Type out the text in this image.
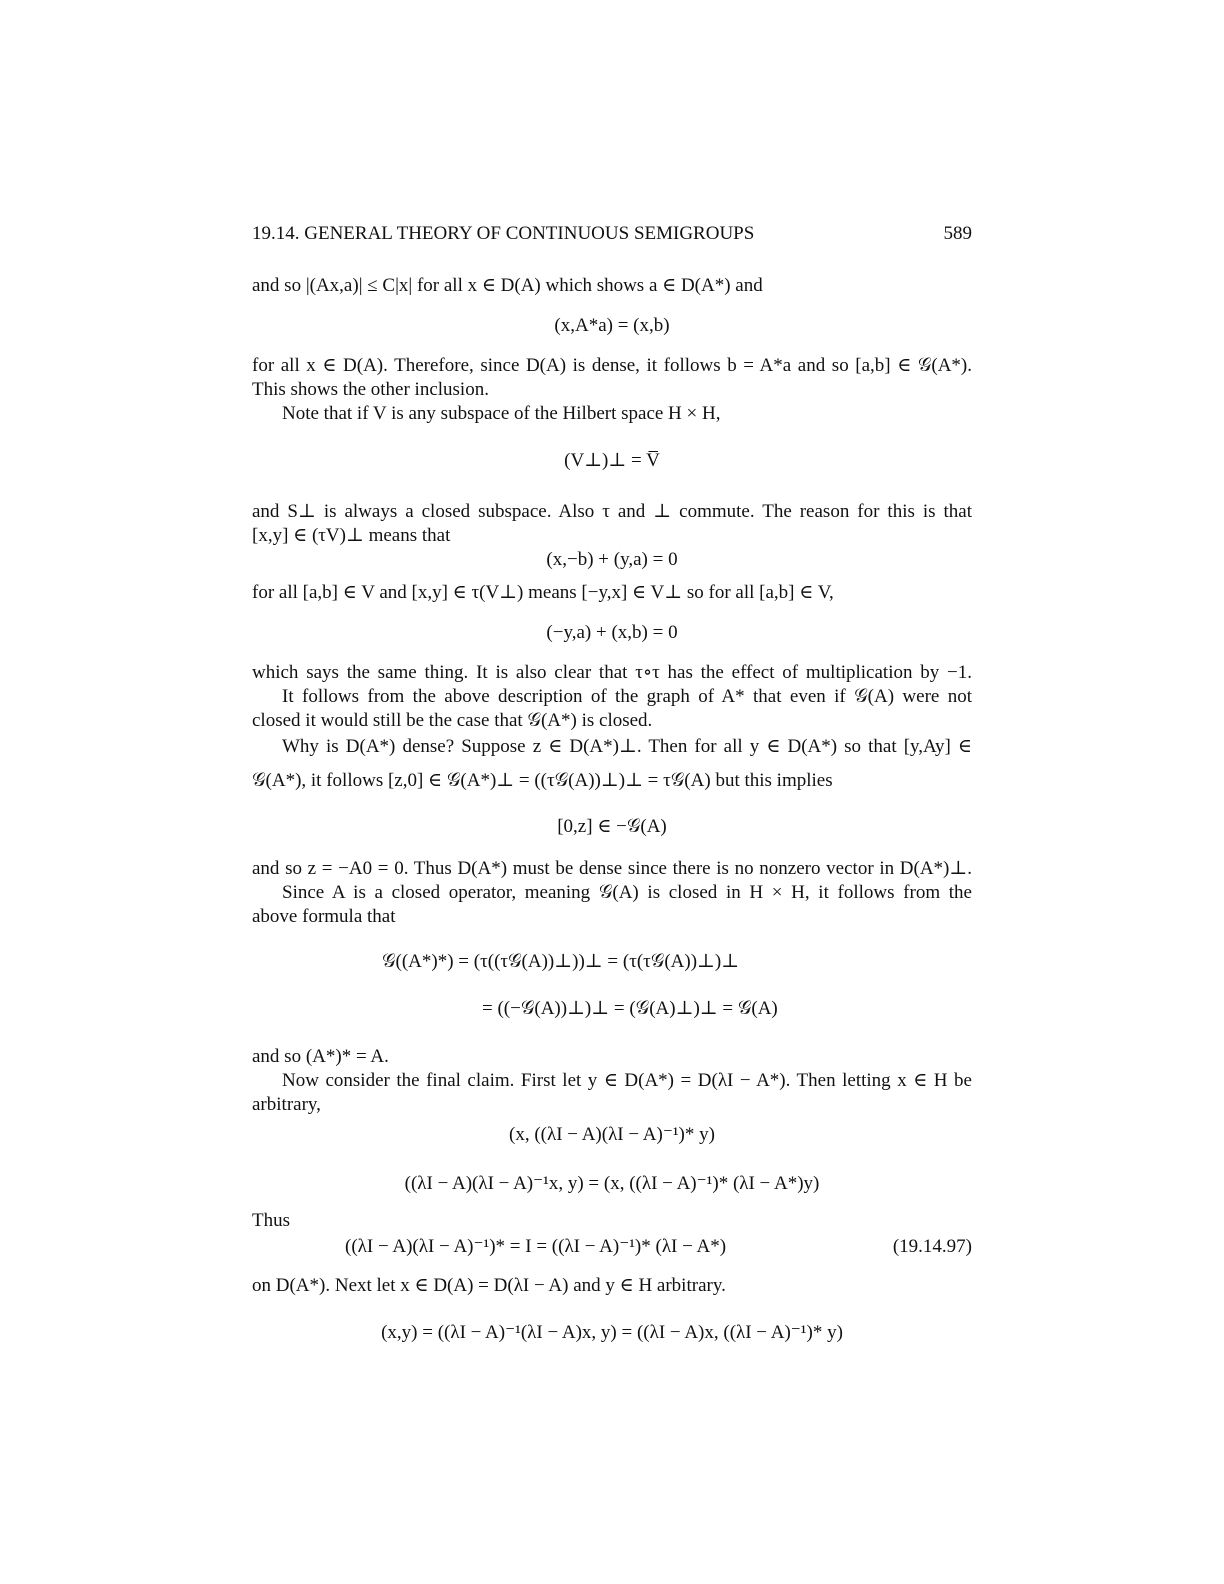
19.14. GENERAL THEORY OF CONTINUOUS SEMIGROUPS	589
and so |(Ax,a)| ≤ C|x| for all x ∈ D(A) which shows a ∈ D(A*) and
(x,A*a) = (x,b)
for all x ∈ D(A). Therefore, since D(A) is dense, it follows b = A*a and so [a,b] ∈ 𝒢(A*).
This shows the other inclusion.
Note that if V is any subspace of the Hilbert space H × H,
(V⊥)⊥ = V̅
and S⊥ is always a closed subspace. Also τ and ⊥ commute. The reason for this is that
[x,y] ∈ (τV)⊥ means that
(x,−b) + (y,a) = 0
for all [a,b] ∈ V and [x,y] ∈ τ(V⊥) means [−y,x] ∈ V⊥ so for all [a,b] ∈ V,
(−y,a) + (x,b) = 0
which says the same thing. It is also clear that τ∘τ has the effect of multiplication by −1.
It follows from the above description of the graph of A* that even if 𝒢(A) were not
closed it would still be the case that 𝒢(A*) is closed.
Why is D(A*) dense? Suppose z ∈ D(A*)⊥. Then for all y ∈ D(A*) so that [y,Ay] ∈
𝒢(A*), it follows [z,0] ∈ 𝒢(A*)⊥ = ((τ𝒢(A))⊥)⊥ = τ𝒢(A) but this implies
[0,z] ∈ −𝒢(A)
and so z = −A0 = 0. Thus D(A*) must be dense since there is no nonzero vector in D(A*)⊥.
Since A is a closed operator, meaning 𝒢(A) is closed in H × H, it follows from the
above formula that
𝒢((A*)*) = (τ((τ𝒢(A))⊥))⊥ = (τ(τ𝒢(A))⊥)⊥
= ((−𝒢(A))⊥)⊥ = (𝒢(A)⊥)⊥ = 𝒢(A)
and so (A*)* = A.
Now consider the final claim. First let y ∈ D(A*) = D(λI − A*). Then letting x ∈ H be
arbitrary,
(x, ((λI − A)(λI − A)⁻¹)* y)
((λI − A)(λI − A)⁻¹x, y) = (x, ((λI − A)⁻¹)* (λI − A*)y)
Thus
((λI − A)(λI − A)⁻¹)* = I = ((λI − A)⁻¹)* (λI − A*)	(19.14.97)
on D(A*). Next let x ∈ D(A) = D(λI − A) and y ∈ H arbitrary.
(x,y) = ((λI − A)⁻¹(λI − A)x, y) = ((λI − A)x, ((λI − A)⁻¹)* y)
